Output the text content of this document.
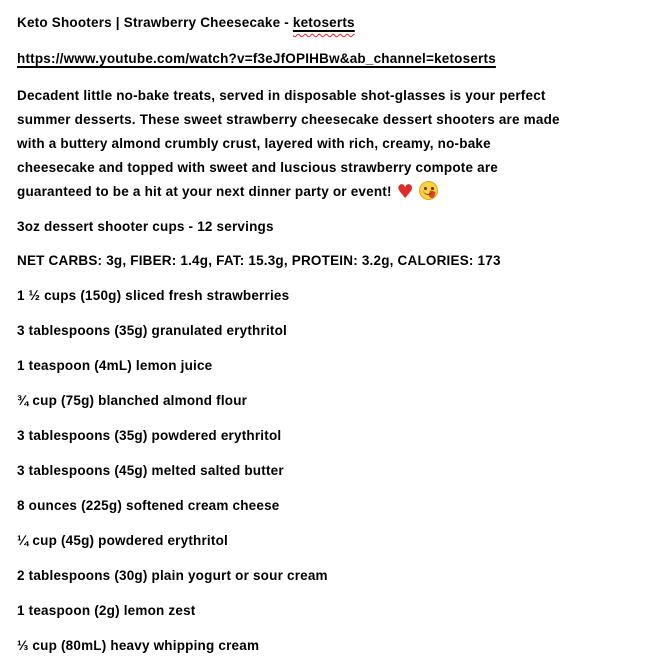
Keto Shooters | Strawberry Cheesecake - ketoserts

https://www.youtube.com/watch?v=f3eJfOPIHBw&ab_channel=ketoserts

Decadent little no-bake treats, served in disposable shot-glasses is your perfect
summer desserts. These sweet strawberry cheesecake dessert shooters are made
with a buttery almond crumbly crust, layered with rich, creamy, no-bake
cheesecake and topped with sweet and luscious strawberry compote are
guaranteed to be a hit at your next dinner party or event! ♥

3oz dessert shooter cups - 12 servings

NET CARBS: 3g, FIBER: 1.4g, FAT: 15.3g, PROTEIN: 3.2g, CALORIES: 173

1 ½ cups (150g) sliced fresh strawberries

3 tablespoons (35g) granulated erythritol

1 teaspoon (4mL) lemon juice

¾ cup (75g) blanched almond flour

3 tablespoons (35g) powdered erythritol

3 tablespoons (45g) melted salted butter

8 ounces (225g) softened cream cheese

¼ cup (45g) powdered erythritol

2 tablespoons (30g) plain yogurt or sour cream

1 teaspoon (2g) lemon zest

⅓ cup (80mL) heavy whipping cream
